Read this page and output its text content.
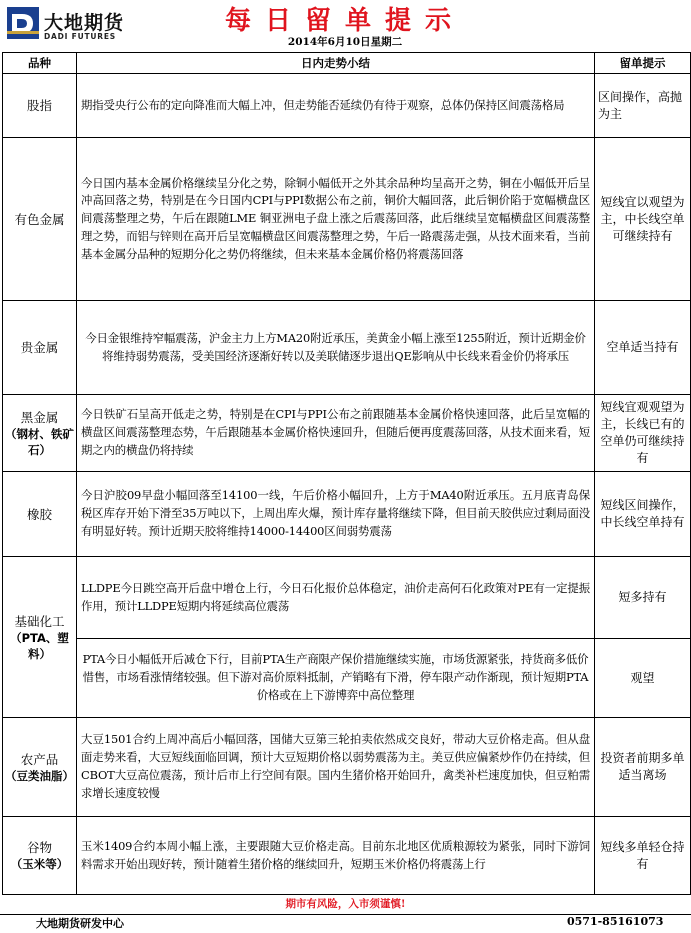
大地期货
DADI FUTURES
每日留单提示
2014年6月10日星期二
品种	日内走势小结	留单提示

股指	期指受央行公布的定向降准而大幅上冲，但走势能否延续仍有待于观察，总体仍保持区间震荡格局	区间操作，高抛为主

有色金属	今日国内基本金属价格继续呈分化之势，除铜小幅低开之外其余品种均呈高开之势，铜在小幅低开后呈冲高回落之势，特别是在今日国内CPI与PPI数据公布之前，铜价大幅回落，此后铜价陷于宽幅横盘区间震荡整理之势，午后在跟随LME 铜亚洲电子盘上涨之后震荡回落，此后继续呈宽幅横盘区间震荡整理之势，而铝与锌则在高开后呈宽幅横盘区间震荡整理之势，午后一路震荡走强，从技术面来看，当前基本金属分品种的短期分化之势仍将继续，但未来基本金属价格仍将震荡回落	短线宜以观望为主，中长线空单可继续持有

贵金属	今日金银维持窄幅震荡，沪金主力上方MA20附近承压，美黄金小幅上涨至1255附近，预计近期金价将维持弱势震荡，受美国经济逐渐好转以及美联储逐步退出QE影响从中长线来看金价仍将承压	空单适当持有

黑金属
（钢材、铁矿石）	今日铁矿石呈高开低走之势，特别是在CPI与PPI公布之前跟随基本金属价格快速回落，此后呈宽幅的横盘区间震荡整理态势，午后跟随基本金属价格快速回升，但随后便再度震荡回落，从技术面来看，短期之内的横盘仍将持续	短线宜观观望为主，长线已有的空单仍可继续持有

橡胶	今日沪胶09早盘小幅回落至14100一线，午后价格小幅回升，上方于MA40附近承压。五月底青岛保税区库存开始下滑至35万吨以下，上周出库火爆，预计库存量将继续下降，但目前天胶供应过剩局面没有明显好转。预计近期天胶将维持14000-14400区间弱势震荡	短线区间操作，中长线空单持有

基础化工
（PTA、塑料）	LLDPE今日跳空高开后盘中增仓上行，今日石化报价总体稳定，油价走高何石化政策对PE有一定提振作用，预计LLDPE短期内将延续高位震荡	短多持有
	PTA今日小幅低开后减仓下行，目前PTA生产商限产保价措施继续实施，市场货源紧张，持货商多低价惜售，市场看涨情绪较强。但下游对高价原料抵制，产销略有下滑，停车限产动作渐现，预计短期PTA价格或在上下游博弈中高位整理	观望

农产品
（豆类油脂）	大豆1501合约上周冲高后小幅回落，国储大豆第三轮拍卖依然成交良好，带动大豆价格走高。但从盘面走势来看，大豆短线面临回调，预计大豆短期价格以弱势震荡为主。美豆供应偏紧炒作仍在持续，但CBOT大豆高位震荡，预计后市上行空间有限。国内生猪价格开始回升，禽类补栏速度加快，但豆粕需求增长速度较慢	投资者前期多单适当离场

谷物
（玉米等）	玉米1409合约本周小幅上涨，主要跟随大豆价格走高。目前东北地区优质粮源较为紧张，同时下游饲料需求开始出现好转，预计随着生猪价格的继续回升，短期玉米价格仍将震荡上行	短线多单轻仓持有
期市有风险，入市须谨慎!
大地期货研发中心	0571-85161073
